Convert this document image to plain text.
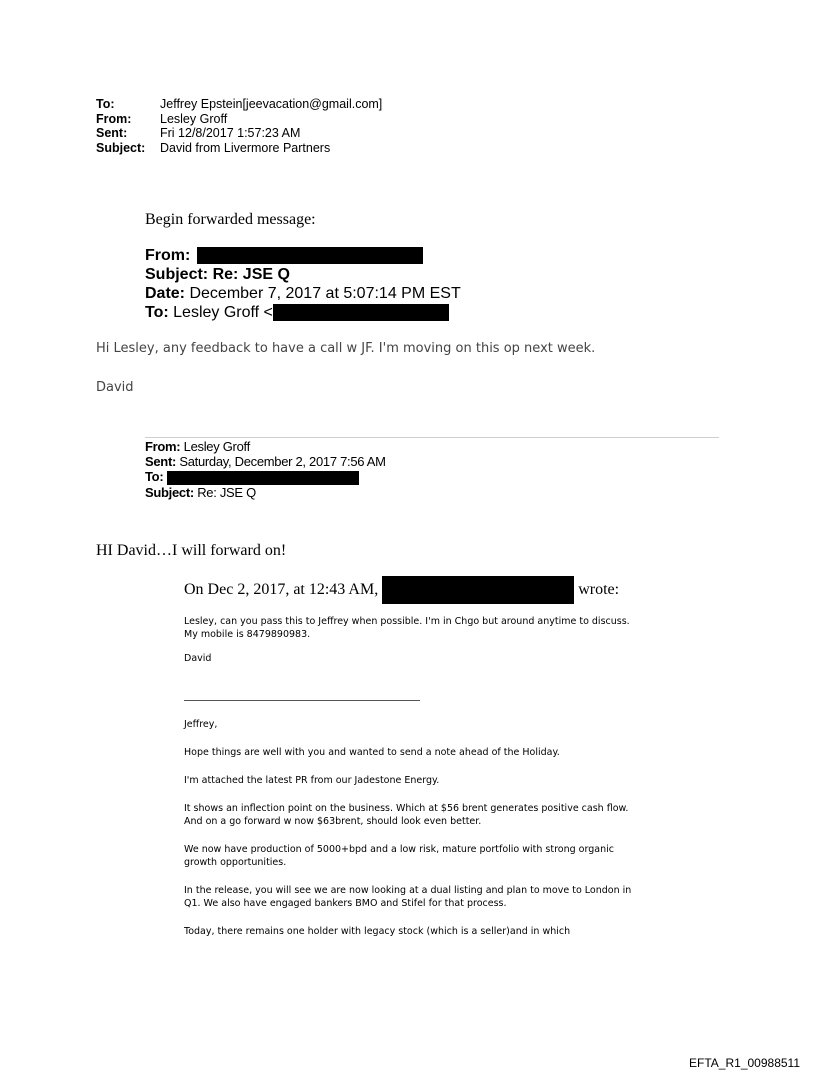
To:	Jeffrey Epstein[jeevacation@gmail.com]
From:	Lesley Groff
Sent:	Fri 12/8/2017 1:57:23 AM
Subject:	David from Livermore Partners
Begin forwarded message:
From:
Subject: Re: JSE Q
Date: December 7, 2017 at 5:07:14 PM EST
To: Lesley Groff <
Hi Lesley, any feedback to have a call w JF. I'm moving on this op next week.
David
From: Lesley Groff
Sent: Saturday, December 2, 2017 7:56 AM
To:
Subject: Re: JSE Q
HI David…I will forward on!
On Dec 2, 2017, at 12:43 AM,	wrote:

Lesley, can you pass this to Jeffrey when possible. I'm in Chgo but around anytime to discuss. My mobile is 8479890983.

David

Jeffrey,

Hope things are well with you and wanted to send a note ahead of the Holiday.

I'm attached the latest PR from our Jadestone Energy.

It shows an inflection point on the business. Which at $56 brent generates positive cash flow. And on a go forward w now $63brent, should look even better.

We now have production of 5000+bpd and a low risk, mature portfolio with strong organic growth opportunities.

In the release, you will see we are now looking at a dual listing and plan to move to London in Q1. We also have engaged bankers BMO and Stifel for that process.

Today, there remains one holder with legacy stock (which is a seller)and in which

EFTA_R1_00988511
